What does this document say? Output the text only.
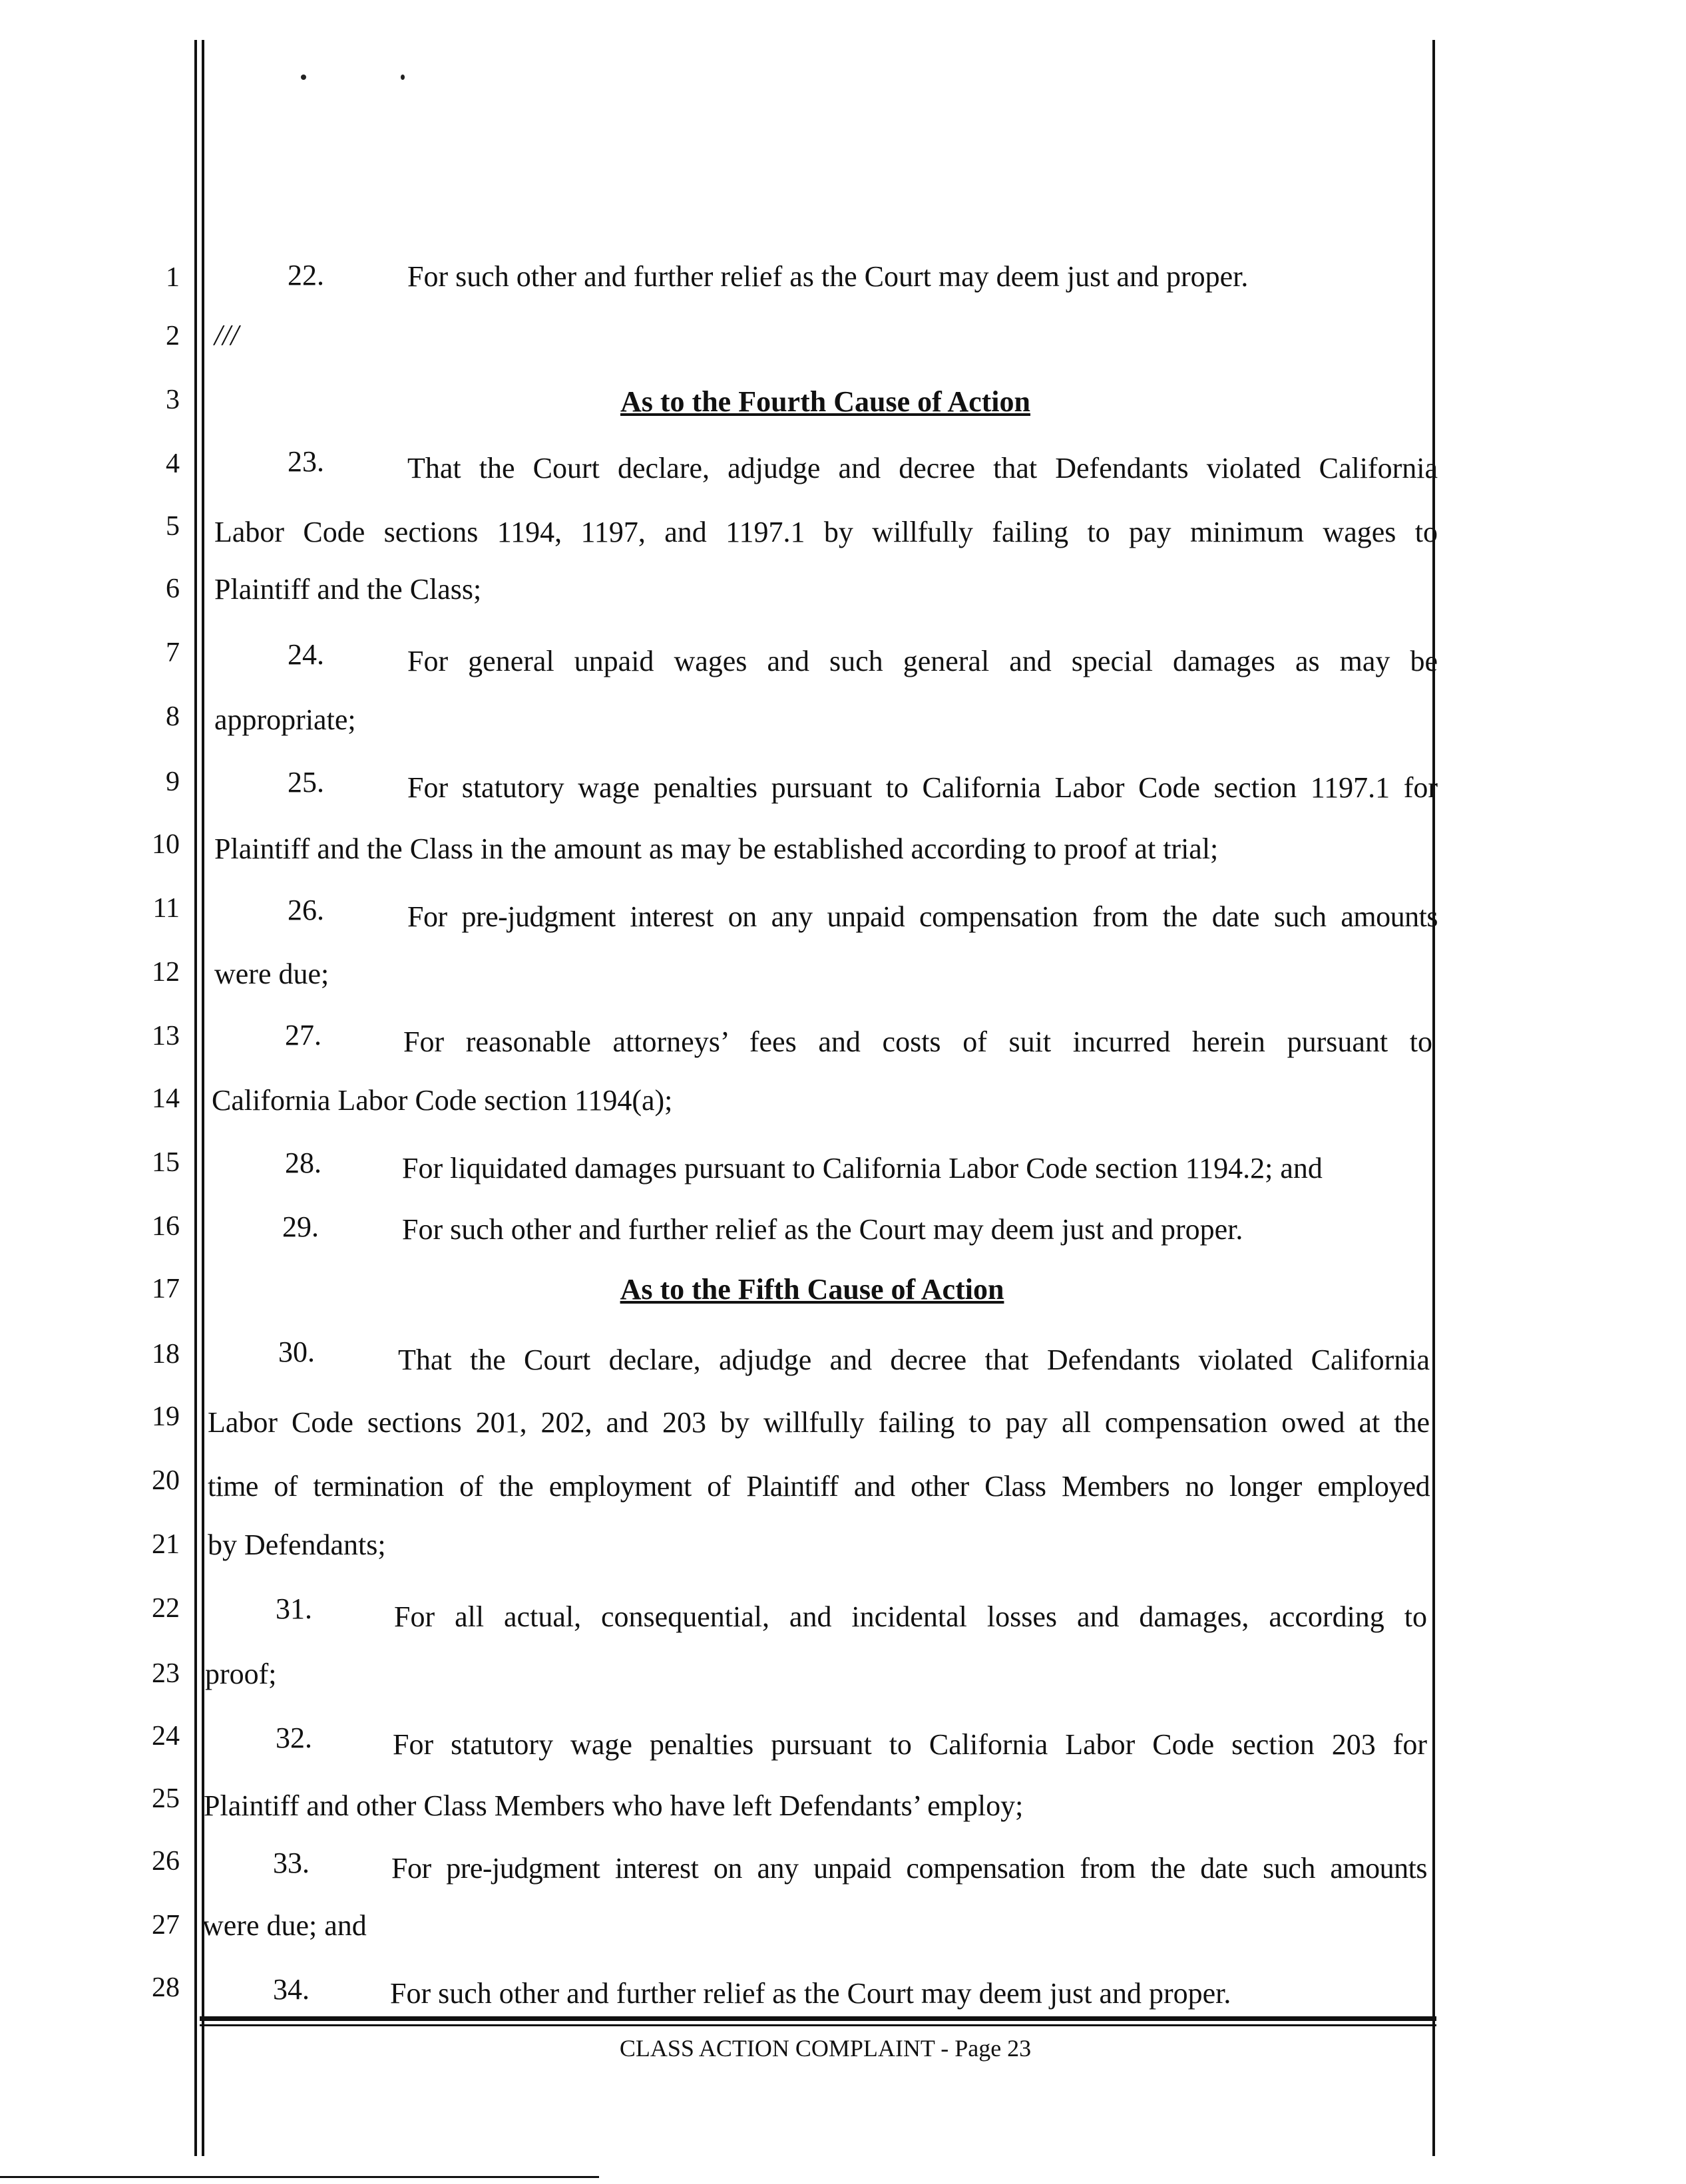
1
2
3
4
5
6
7
8
9
10
11
12
13
14
15
16
17
18
19
20
21
22
23
24
25
26
27
28
22.	For such other and further relief as the Court may deem just and proper.
///
As to the Fourth Cause of Action
23.	That the Court declare, adjudge and decree that Defendants violated California
Labor Code sections 1194, 1197, and 1197.1 by willfully failing to pay minimum wages to
Plaintiff and the Class;
24.	For general unpaid wages and such general and special damages as may be
appropriate;
25.	For statutory wage penalties pursuant to California Labor Code section 1197.1 for
Plaintiff and the Class in the amount as may be established according to proof at trial;
26.	For pre-judgment interest on any unpaid compensation from the date such amounts
were due;
27.	For reasonable attorneys’ fees and costs of suit incurred herein pursuant to
California Labor Code section 1194(a);
28.	For liquidated damages pursuant to California Labor Code section 1194.2; and
29.	For such other and further relief as the Court may deem just and proper.
As to the Fifth Cause of Action
30.	That the Court declare, adjudge and decree that Defendants violated California
Labor Code sections 201, 202, and 203 by willfully failing to pay all compensation owed at the
time of termination of the employment of Plaintiff and other Class Members no longer employed
by Defendants;
31.	For all actual, consequential, and incidental losses and damages, according to
proof;
32.	For statutory wage penalties pursuant to California Labor Code section 203 for
Plaintiff and other Class Members who have left Defendants’ employ;
33.	For pre-judgment interest on any unpaid compensation from the date such amounts
were due; and
34.	For such other and further relief as the Court may deem just and proper.
CLASS ACTION COMPLAINT - Page 23
